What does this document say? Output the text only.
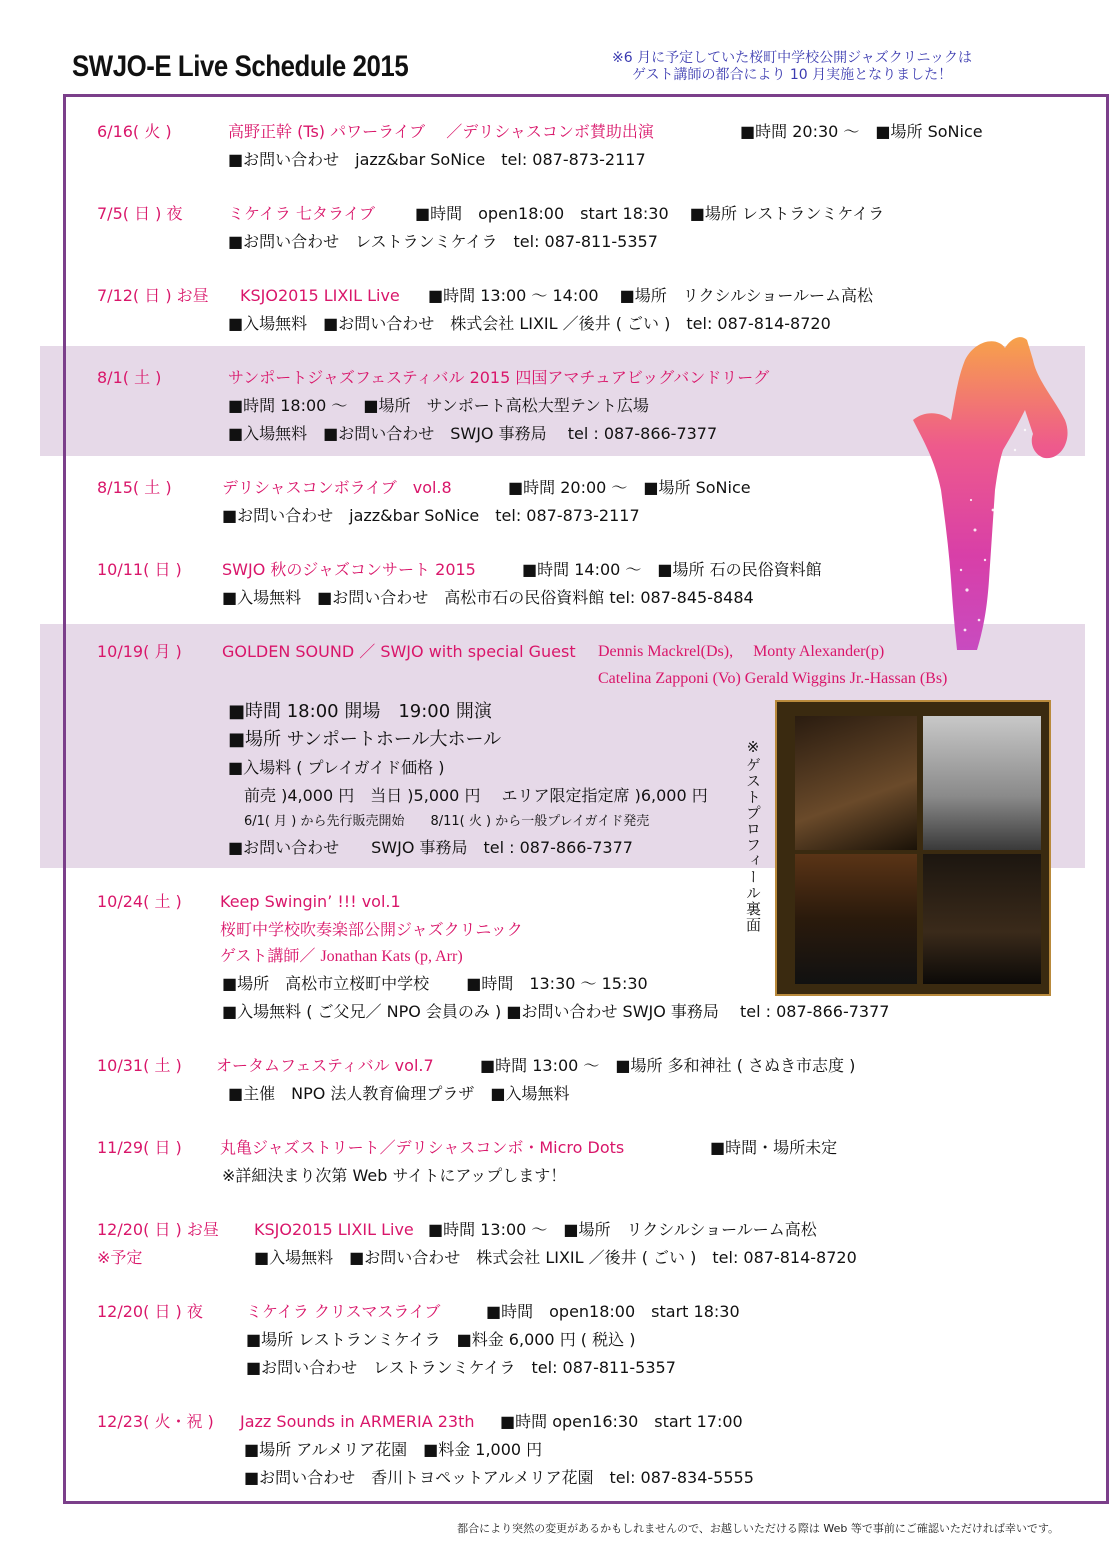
SWJO-E Live Schedule 2015	※6 月に予定していた桜町中学校公開ジャズクリニックは
ゲスト講師の都合により 10 月実施となりました！
※ゲストプロフィール裏面
6/16( 火 )	高野正幹 (Ts) パワーライブ　 ／デリシャスコンボ賛助出演	■時間 20:30 ～　■場所 SoNice
■お問い合わせ　jazz&bar SoNice　tel: 087-873-2117
7/5( 日 ) 夜	ミケイラ 七タライブ ■時間　open18:00　start 18:30　 ■場所 レストランミケイラ
■お問い合わせ　レストランミケイラ　tel: 087-811-5357
7/12( 日 ) お昼 KSJO2015 LIXIL Live ■時間 13:00 ～ 14:00　 ■場所　リクシルショールーム高松
■入場無料　■お問い合わせ　株式会社 LIXIL ／後井 ( ごい )　tel: 087-814-8720
8/1( 土 )	サンポートジャズフェスティバル 2015 四国アマチュアビッグバンドリーグ
■時間 18:00 ～　■場所　サンポート高松大型テント広場
■入場無料　■お問い合わせ　SWJO 事務局　 tel : 087-866-7377
8/15( 土 )	デリシャスコンボライブ　vol.8	■時間 20:00 ～　■場所 SoNice
■お問い合わせ　jazz&bar SoNice　tel: 087-873-2117
10/11( 日 )	SWJO 秋のジャズコンサート 2015	■時間 14:00 ～　■場所 石の民俗資料館
■入場無料　■お問い合わせ　高松市石の民俗資料館 tel: 087-845-8484
10/19( 月 )	GOLDEN SOUND ／ SWJO with special Guest Dennis Mackrel(Ds),　 Monty Alexander(p)
Catelina Zapponi (Vo) Gerald Wiggins Jr.-Hassan (Bs)
■時間 18:00 開場　19:00 開演
■場所 サンポートホール大ホール
■入場料 ( プレイガイド価格 )
前売 )4,000 円　当日 )5,000 円　 エリア限定指定席 )6,000 円
6/1( 月 ) から先行販売開始　　8/11( 火 ) から一般プレイガイド発売
■お問い合わせ　　SWJO 事務局　tel : 087-866-7377
10/24( 土 ) Keep Swingin’ !!! vol.1
桜町中学校吹奏楽部公開ジャズクリニック
ゲスト講師／ Jonathan Kats (p, Arr)
■場所　高松市立桜町中学校　　 ■時間　13:30 ～ 15:30
■入場無料 ( ご父兄／ NPO 会員のみ ) ■お問い合わせ SWJO 事務局　 tel : 087-866-7377
10/31( 土 ) オータムフェスティバル vol.7	■時間 13:00 ～　■場所 多和神社 ( さぬき市志度 )
■主催　NPO 法人教育倫理プラザ　■入場無料
11/29( 日 ) 丸亀ジャズストリート／デリシャスコンボ・Micro Dots	■時間・場所未定
※詳細決まり次第 Web サイトにアップします！
12/20( 日 ) お昼
※予定
KSJO2015 LIXIL Live ■時間 13:00 ～　■場所　リクシルショールーム高松
■入場無料　■お問い合わせ　株式会社 LIXIL ／後井 ( ごい )　tel: 087-814-8720
12/20( 日 ) 夜	ミケイラ クリスマスライブ	■時間　open18:00　start 18:30
■場所 レストランミケイラ　■料金 6,000 円 ( 税込 )
■お問い合わせ　レストランミケイラ　tel: 087-811-5357
12/23( 火・祝 ) Jazz Sounds in ARMERIA 23th ■時間 open16:30　start 17:00
■場所 アルメリア花園　■料金 1,000 円
■お問い合わせ　香川トヨペットアルメリア花園　tel: 087-834-5555
都合により突然の変更があるかもしれませんので、お越しいただける際は Web 等で事前にご確認いただければ幸いです。
